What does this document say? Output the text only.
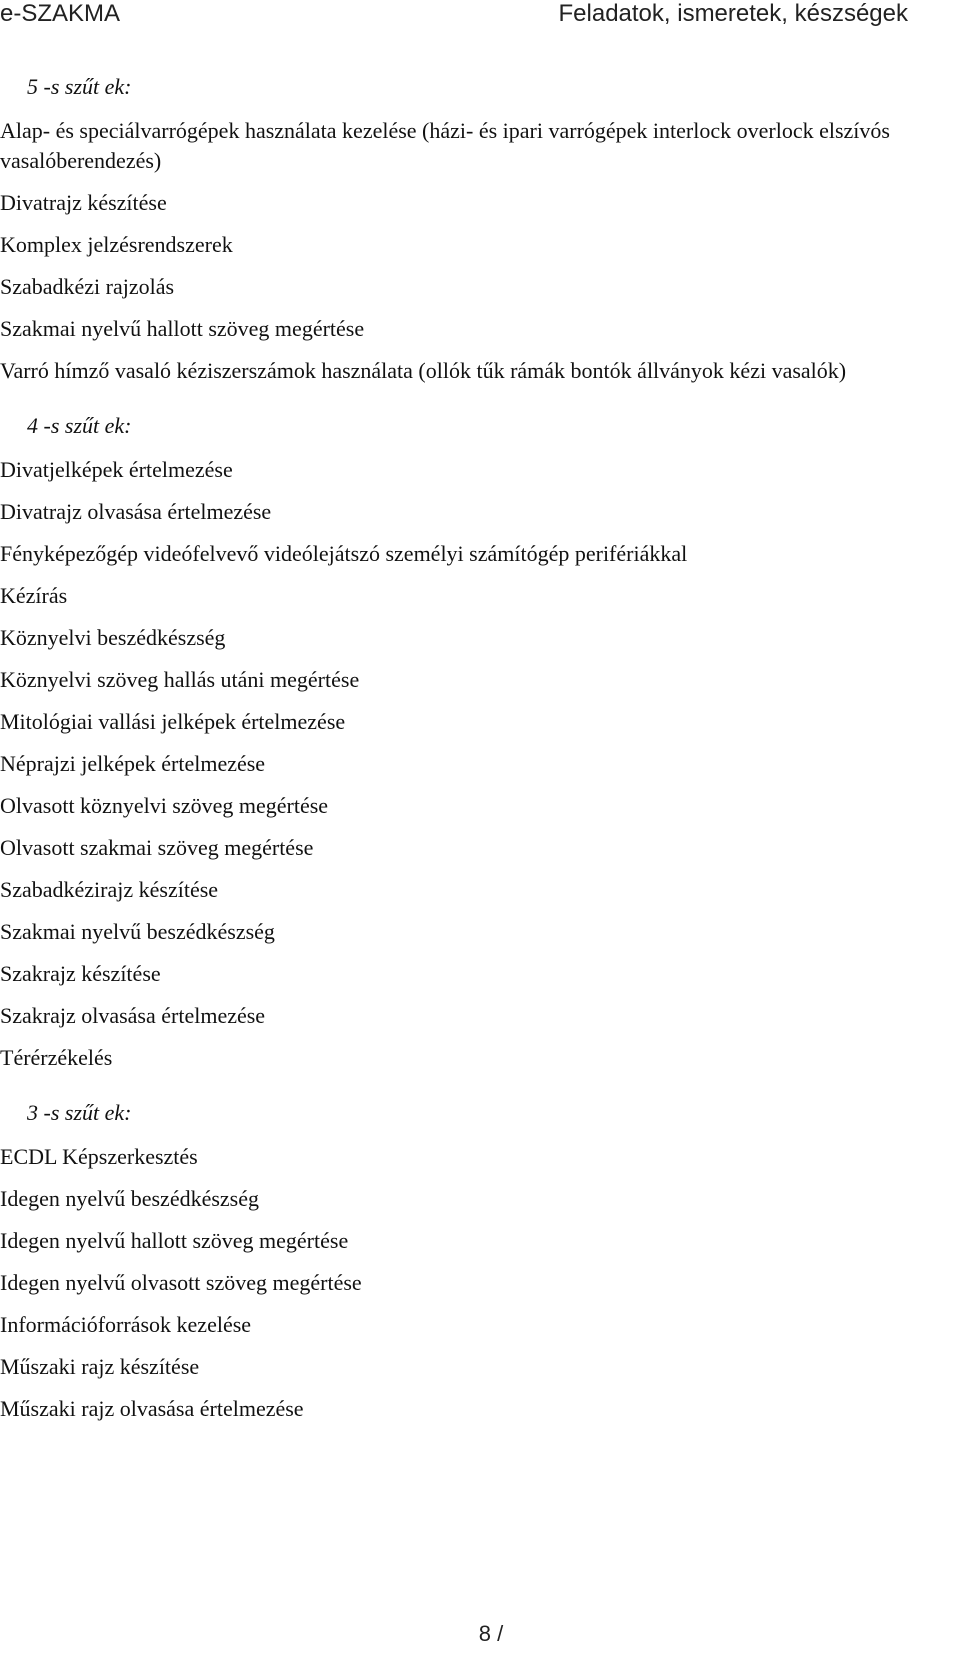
e-SZAKMA	Feladatok, ismeretek, készségek
5 -s szűt ek:
Alap- és speciálvarrógépek használata kezelése (házi- és ipari varrógépek interlock overlock elszívós vasalóberendezés)
Divatrajz készítése
Komplex jelzésrendszerek
Szabadkézi rajzolás
Szakmai nyelvű hallott szöveg megértése
Varró hímző vasaló kéziszerszámok használata (ollók tűk rámák bontók állványok kézi vasalók)
4 -s szűt ek:
Divatjelképek értelmezése
Divatrajz olvasása értelmezése
Fényképezőgép videófelvevő videólejátszó személyi számítógép perifériákkal
Kézírás
Köznyelvi beszédkészség
Köznyelvi szöveg hallás utáni megértése
Mitológiai vallási jelképek értelmezése
Néprajzi jelképek értelmezése
Olvasott köznyelvi szöveg megértése
Olvasott szakmai szöveg megértése
Szabadkézirajz készítése
Szakmai nyelvű beszédkészség
Szakrajz készítése
Szakrajz olvasása értelmezése
Térérzékelés
3 -s szűt ek:
ECDL Képszerkesztés
Idegen nyelvű beszédkészség
Idegen nyelvű hallott szöveg megértése
Idegen nyelvű olvasott szöveg megértése
Információforrások kezelése
Műszaki rajz készítése
Műszaki rajz olvasása értelmezése
8 /
